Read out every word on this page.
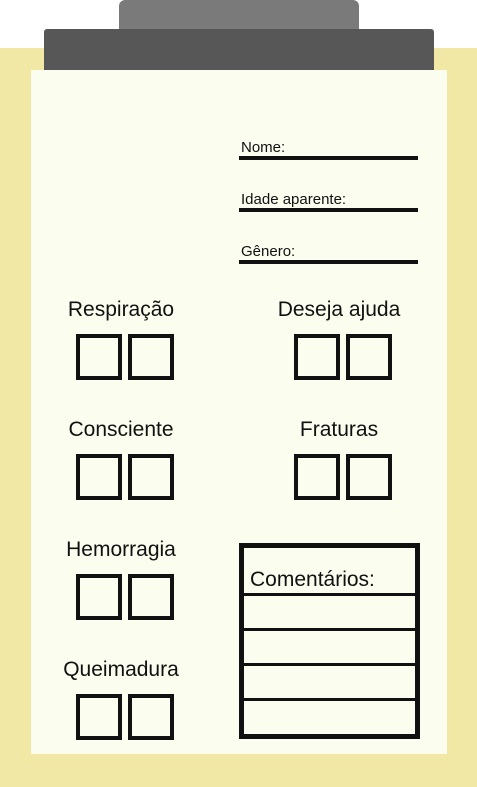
Nome:
Idade aparente:
Gênero:
Respiração	Deseja ajuda
Consciente	Fraturas
Hemorragia
Queimadura
Comentários:
